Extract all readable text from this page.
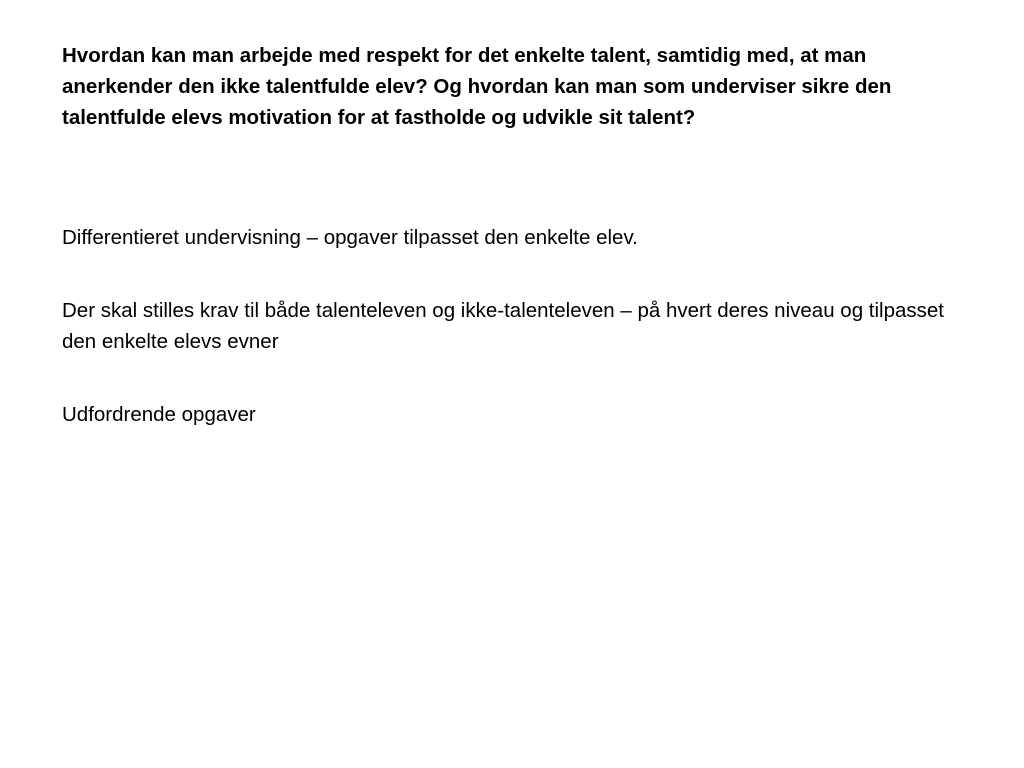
Hvordan kan man arbejde med respekt for det enkelte talent, samtidig med, at man anerkender den ikke talentfulde elev? Og hvordan kan man som underviser sikre den talentfulde elevs motivation for at fastholde og udvikle sit talent?

Differentieret undervisning – opgaver tilpasset den enkelte elev.

Der skal stilles krav til både talenteleven og ikke-talenteleven – på hvert deres niveau og tilpasset den enkelte elevs evner

Udfordrende opgaver
